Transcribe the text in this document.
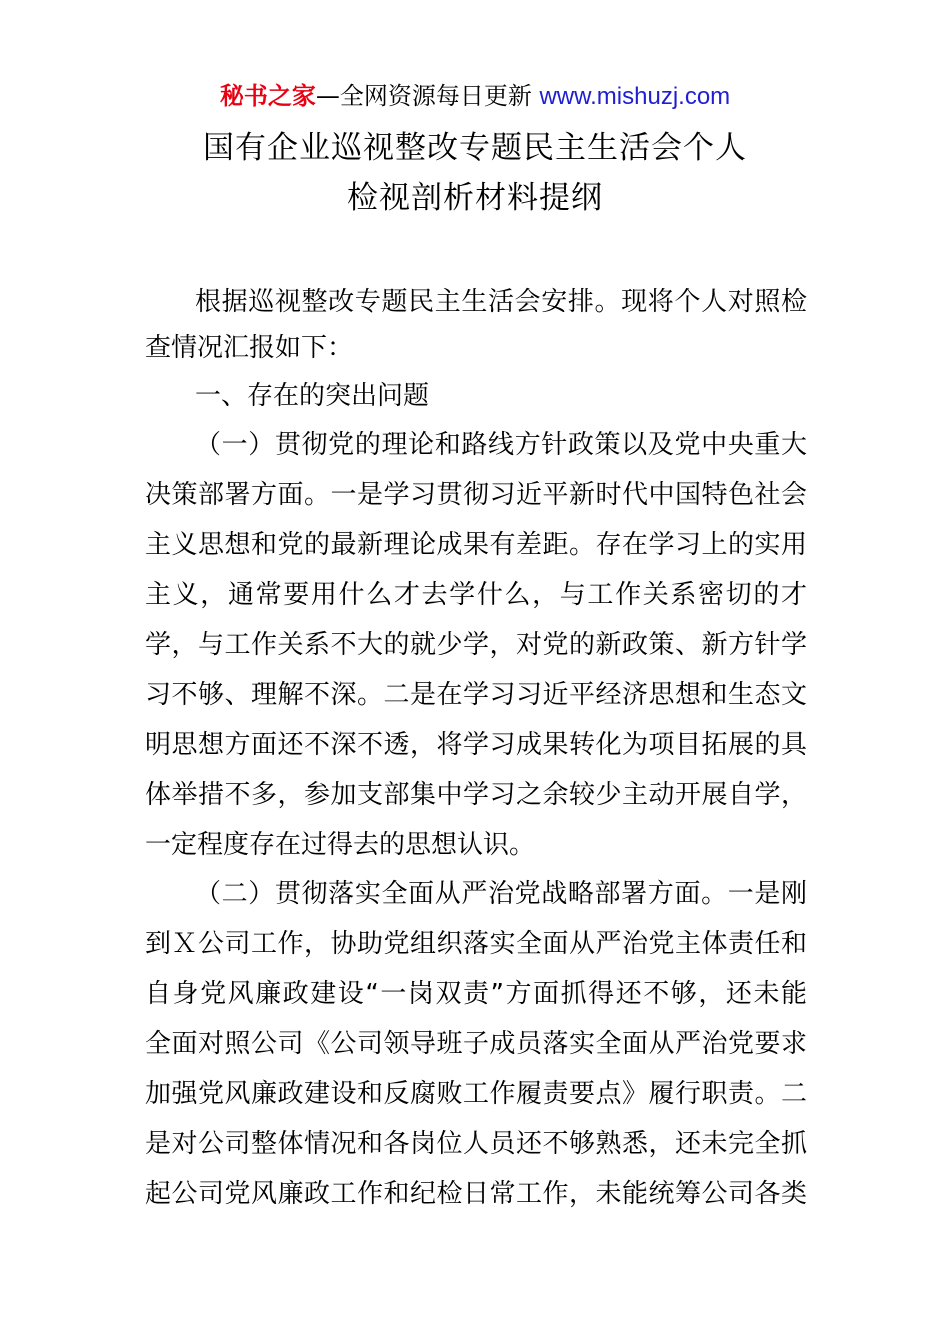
秘书之家—全网资源每日更新 www.mishuzj.com
国有企业巡视整改专题民主生活会个人
检视剖析材料提纲
根据巡视整改专题民主生活会安排。现将个人对照检
查情况汇报如下：
一、存在的突出问题
（一）贯彻党的理论和路线方针政策以及党中央重大
决策部署方面。一是学习贯彻习近平新时代中国特色社会
主义思想和党的最新理论成果有差距。存在学习上的实用
主义，通常要用什么才去学什么，与工作关系密切的才
学，与工作关系不大的就少学，对党的新政策、新方针学
习不够、理解不深。二是在学习习近平经济思想和生态文
明思想方面还不深不透，将学习成果转化为项目拓展的具
体举措不多，参加支部集中学习之余较少主动开展自学，
一定程度存在过得去的思想认识。
（二）贯彻落实全面从严治党战略部署方面。一是刚
到Ｘ公司工作，协助党组织落实全面从严治党主体责任和
自身党风廉政建设“一岗双责”方面抓得还不够，还未能
全面对照公司《公司领导班子成员落实全面从严治党要求
加强党风廉政建设和反腐败工作履责要点》履行职责。二
是对公司整体情况和各岗位人员还不够熟悉，还未完全抓
起公司党风廉政工作和纪检日常工作，未能统筹公司各类
